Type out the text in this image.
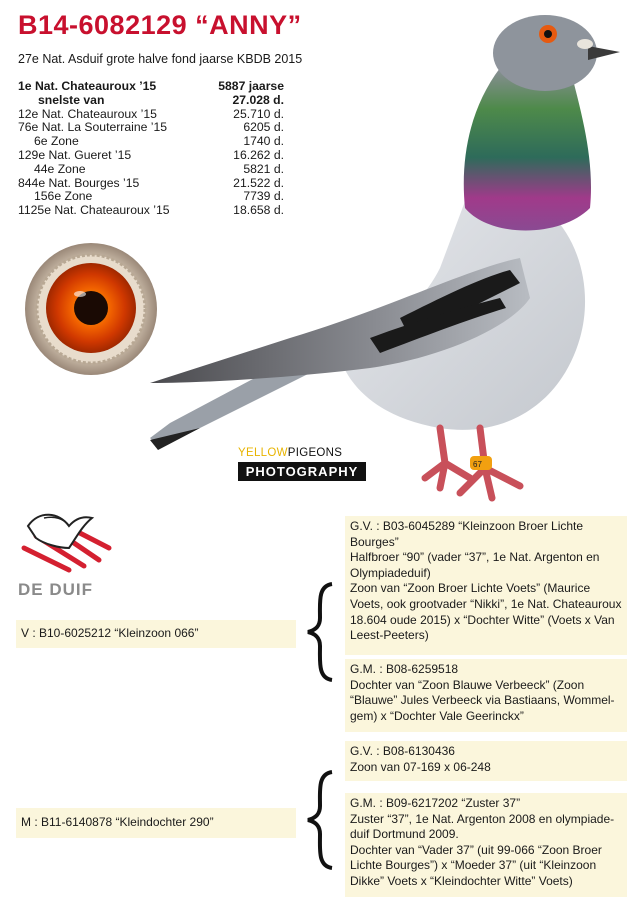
B14-6082129 “ANNY”
27e Nat. Asduif grote halve fond jaarse KBDB 2015
1e Nat. Chateauroux ’15	5887 jaarse
snelste van	27.028 d.
12e Nat. Chateauroux ’15	25.710 d.
76e Nat. La Souterraine ’15	6205 d.
6e Zone	1740 d.
129e Nat. Gueret ’15	16.262 d.
44e Zone	5821 d.
844e Nat. Bourges ’15	21.522 d.
156e Zone	7739 d.
1125e Nat. Chateauroux ’15	18.658 d.
67
YELLOWPIGEONS
PHOTOGRAPHY
DE DUIF
V : B10-6025212 “Kleinzoon 066”
M : B11-6140878 “Kleindochter 290”
G.V. : B03-6045289 “Kleinzoon Broer Lichte
Bourges”
Halfbroer “90” (vader “37”, 1e Nat. Argenton en
Olympiadeduif)
Zoon van “Zoon Broer Lichte Voets” (Maurice
Voets, ook grootvader “Nikki”, 1e Nat. Chateauroux
18.604 oude 2015) x “Dochter Witte” (Voets x Van
Leest-Peeters)
G.M. : B08-6259518
Dochter van “Zoon Blauwe Verbeeck” (Zoon
“Blauwe” Jules Verbeeck via Bastiaans, Wommel-
gem) x “Dochter Vale Geerinckx”
G.V. : B08-6130436
Zoon van 07-169 x 06-248
G.M. : B09-6217202 “Zuster 37”
Zuster “37”, 1e Nat. Argenton 2008 en olympiade-
duif Dortmund 2009.
Dochter van “Vader 37” (uit 99-066 “Zoon Broer
Lichte Bourges”) x “Moeder 37” (uit “Kleinzoon
Dikke” Voets x “Kleindochter Witte” Voets)
